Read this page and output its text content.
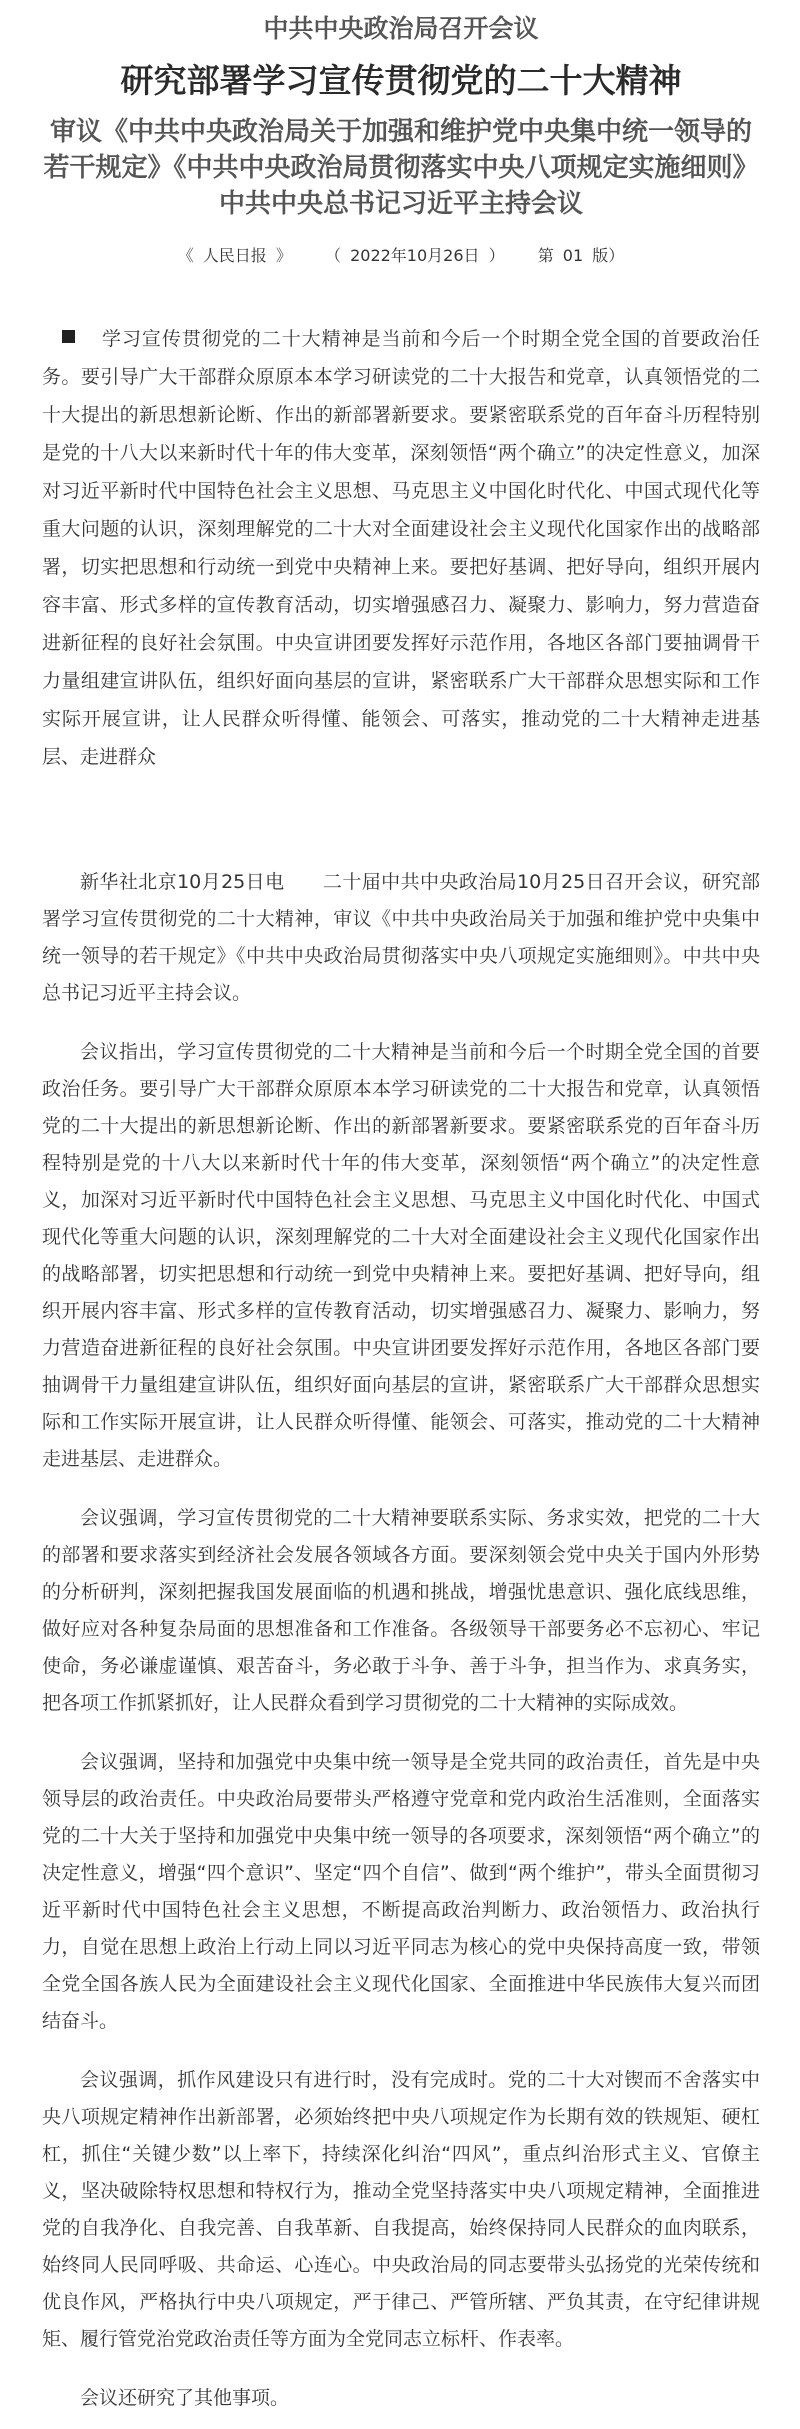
中共中央政治局召开会议
研究部署学习宣传贯彻党的二十大精神
审议《中共中央政治局关于加强和维护党中央集中统一领导的若干规定》《中共中央政治局贯彻落实中央八项规定实施细则》 中共中央总书记习近平主持会议
《 人民日报 》 （ 2022年10月26日 ） 第 01 版）
学习宣传贯彻党的二十大精神是当前和今后一个时期全党全国的首要政治任务。要引导广大干部群众原原本本学习研读党的二十大报告和党章，认真领悟党的二十大提出的新思想新论断、作出的新部署新要求。要紧密联系党的百年奋斗历程特别是党的十八大以来新时代十年的伟大变革，深刻领悟“两个确立”的决定性意义，加深对习近平新时代中国特色社会主义思想、马克思主义中国化时代化、中国式现代化等重大问题的认识，深刻理解党的二十大对全面建设社会主义现代化国家作出的战略部署，切实把思想和行动统一到党中央精神上来。要把好基调、把好导向，组织开展内容丰富、形式多样的宣传教育活动，切实增强感召力、凝聚力、影响力，努力营造奋进新征程的良好社会氛围。中央宣讲团要发挥好示范作用，各地区各部门要抽调骨干力量组建宣讲队伍，组织好面向基层的宣讲，紧密联系广大干部群众思想实际和工作实际开展宣讲，让人民群众听得懂、能领会、可落实，推动党的二十大精神走进基层、走进群众

新华社北京10月25日电 二十届中共中央政治局10月25日召开会议，研究部署学习宣传贯彻党的二十大精神，审议《中共中央政治局关于加强和维护党中央集中统一领导的若干规定》《中共中央政治局贯彻落实中央八项规定实施细则》。中共中央总书记习近平主持会议。

会议指出，学习宣传贯彻党的二十大精神是当前和今后一个时期全党全国的首要政治任务。要引导广大干部群众原原本本学习研读党的二十大报告和党章，认真领悟党的二十大提出的新思想新论断、作出的新部署新要求。要紧密联系党的百年奋斗历程特别是党的十八大以来新时代十年的伟大变革，深刻领悟“两个确立”的决定性意义，加深对习近平新时代中国特色社会主义思想、马克思主义中国化时代化、中国式现代化等重大问题的认识，深刻理解党的二十大对全面建设社会主义现代化国家作出的战略部署，切实把思想和行动统一到党中央精神上来。要把好基调、把好导向，组织开展内容丰富、形式多样的宣传教育活动，切实增强感召力、凝聚力、影响力，努力营造奋进新征程的良好社会氛围。中央宣讲团要发挥好示范作用，各地区各部门要抽调骨干力量组建宣讲队伍，组织好面向基层的宣讲，紧密联系广大干部群众思想实际和工作实际开展宣讲，让人民群众听得懂、能领会、可落实，推动党的二十大精神走进基层、走进群众。

会议强调，学习宣传贯彻党的二十大精神要联系实际、务求实效，把党的二十大的部署和要求落实到经济社会发展各领域各方面。要深刻领会党中央关于国内外形势的分析研判，深刻把握我国发展面临的机遇和挑战，增强忧患意识、强化底线思维，做好应对各种复杂局面的思想准备和工作准备。各级领导干部要务必不忘初心、牢记使命，务必谦虚谨慎、艰苦奋斗，务必敢于斗争、善于斗争，担当作为、求真务实，把各项工作抓紧抓好，让人民群众看到学习贯彻党的二十大精神的实际成效。

会议强调，坚持和加强党中央集中统一领导是全党共同的政治责任，首先是中央领导层的政治责任。中央政治局要带头严格遵守党章和党内政治生活准则，全面落实党的二十大关于坚持和加强党中央集中统一领导的各项要求，深刻领悟“两个确立”的决定性意义，增强“四个意识”、坚定“四个自信”、做到“两个维护”，带头全面贯彻习近平新时代中国特色社会主义思想，不断提高政治判断力、政治领悟力、政治执行力，自觉在思想上政治上行动上同以习近平同志为核心的党中央保持高度一致，带领全党全国各族人民为全面建设社会主义现代化国家、全面推进中华民族伟大复兴而团结奋斗。

会议强调，抓作风建设只有进行时，没有完成时。党的二十大对锲而不舍落实中央八项规定精神作出新部署，必须始终把中央八项规定作为长期有效的铁规矩、硬杠杠，抓住“关键少数”以上率下，持续深化纠治“四风”，重点纠治形式主义、官僚主义，坚决破除特权思想和特权行为，推动全党坚持落实中央八项规定精神，全面推进党的自我净化、自我完善、自我革新、自我提高，始终保持同人民群众的血肉联系，始终同人民同呼吸、共命运、心连心。中央政治局的同志要带头弘扬党的光荣传统和优良作风，严格执行中央八项规定，严于律己、严管所辖、严负其责，在守纪律讲规矩、履行管党治党政治责任等方面为全党同志立标杆、作表率。

会议还研究了其他事项。
